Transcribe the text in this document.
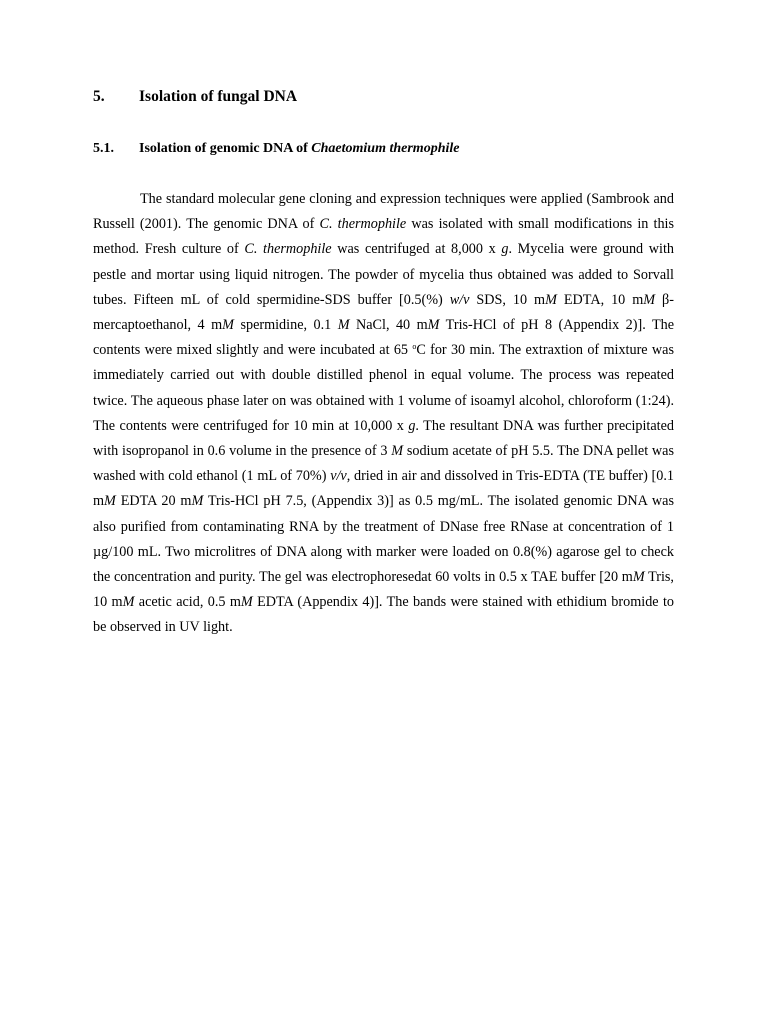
5. Isolation of fungal DNA
5.1. Isolation of genomic DNA of Chaetomium thermophile

The standard molecular gene cloning and expression techniques were applied (Sambrook and Russell (2001). The genomic DNA of C. thermophile was isolated with small modifications in this method. Fresh culture of C. thermophile was centrifuged at 8,000 x g. Mycelia were ground with pestle and mortar using liquid nitrogen. The powder of mycelia thus obtained was added to Sorvall tubes. Fifteen mL of cold spermidine-SDS buffer [0.5(%) w/v SDS, 10 mM EDTA, 10 mM β-mercaptoethanol, 4 mM spermidine, 0.1 M NaCl, 40 mM Tris-HCl of pH 8 (Appendix 2)]. The contents were mixed slightly and were incubated at 65 $^o$C for 30 min. The extraxtion of mixture was immediately carried out with double distilled phenol in equal volume. The process was repeated twice. The aqueous phase later on was obtained with 1 volume of isoamyl alcohol, chloroform (1:24). The contents were centrifuged for 10 min at 10,000 x g. The resultant DNA was further precipitated with isopropanol in 0.6 volume in the presence of 3 M sodium acetate of pH 5.5. The DNA pellet was washed with cold ethanol (1 mL of 70%) v/v, dried in air and dissolved in Tris-EDTA (TE buffer) [0.1 mM EDTA 20 mM Tris-HCl pH 7.5, (Appendix 3)] as 0.5 mg/mL. The isolated genomic DNA was also purified from contaminating RNA by the treatment of DNase free RNase at concentration of 1 µg/100 mL. Two microlitres of DNA along with marker were loaded on 0.8(%) agarose gel to check the concentration and purity. The gel was electrophoresedat 60 volts in 0.5 x TAE buffer [20 mM Tris, 10 mM acetic acid, 0.5 mM EDTA (Appendix 4)]. The bands were stained with ethidium bromide to be observed in UV light.
